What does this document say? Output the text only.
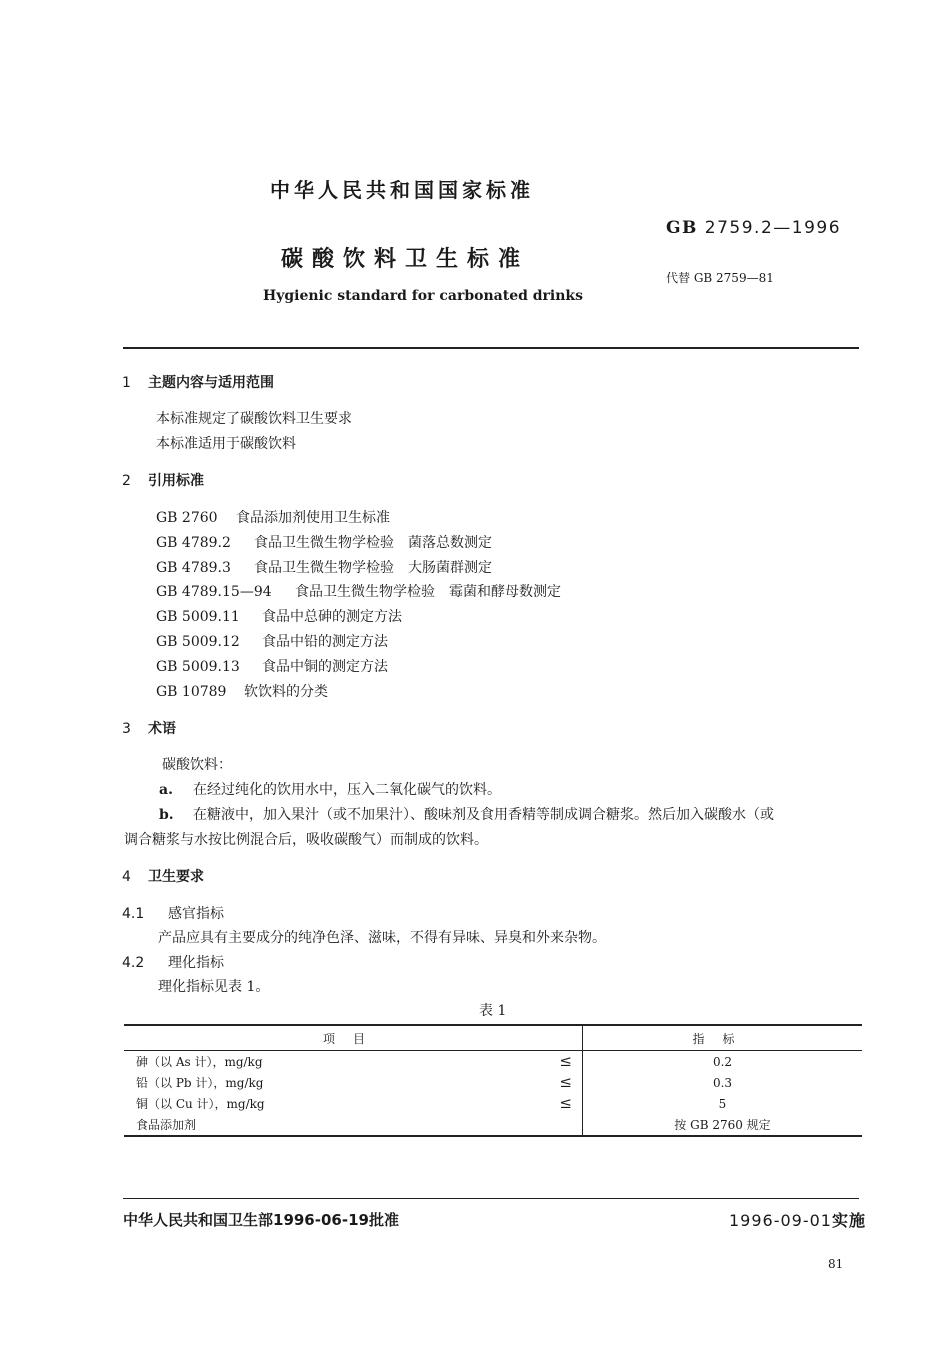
中华人民共和国国家标准
碳酸饮料卫生标准
Hygienic standard for carbonated drinks
GB 2759.2—1996
代替 GB 2759—81
1 主题内容与适用范围
本标准规定了碳酸饮料卫生要求
本标准适用于碳酸饮料
2 引用标准
GB 2760 食品添加剂使用卫生标准
GB 4789.2 食品卫生微生物学检验　菌落总数测定
GB 4789.3 食品卫生微生物学检验　大肠菌群测定
GB 4789.15—94 食品卫生微生物学检验　霉菌和酵母数测定
GB 5009.11 食品中总砷的测定方法
GB 5009.12 食品中铅的测定方法
GB 5009.13 食品中铜的测定方法
GB 10789 软饮料的分类
3 术语
碳酸饮料：
a. 在经过纯化的饮用水中，压入二氧化碳气的饮料。
b. 在糖液中，加入果汁（或不加果汁）、酸味剂及食用香精等制成调合糖浆。然后加入碳酸水（或
调合糖浆与水按比例混合后，吸收碳酸气）而制成的饮料。
4 卫生要求
4.1 感官指标
产品应具有主要成分的纯净色泽、滋味，不得有异味、异臭和外来杂物。
4.2 理化指标
理化指标见表 1。
表 1
项目	指标
砷（以 As 计），mg/kg ≤	0.2
铅（以 Pb 计），mg/kg ≤	0.3
铜（以 Cu 计），mg/kg ≤	5
食品添加剂	按 GB 2760 规定
中华人民共和国卫生部1996-06-19批准	1996-09-01实施
81
